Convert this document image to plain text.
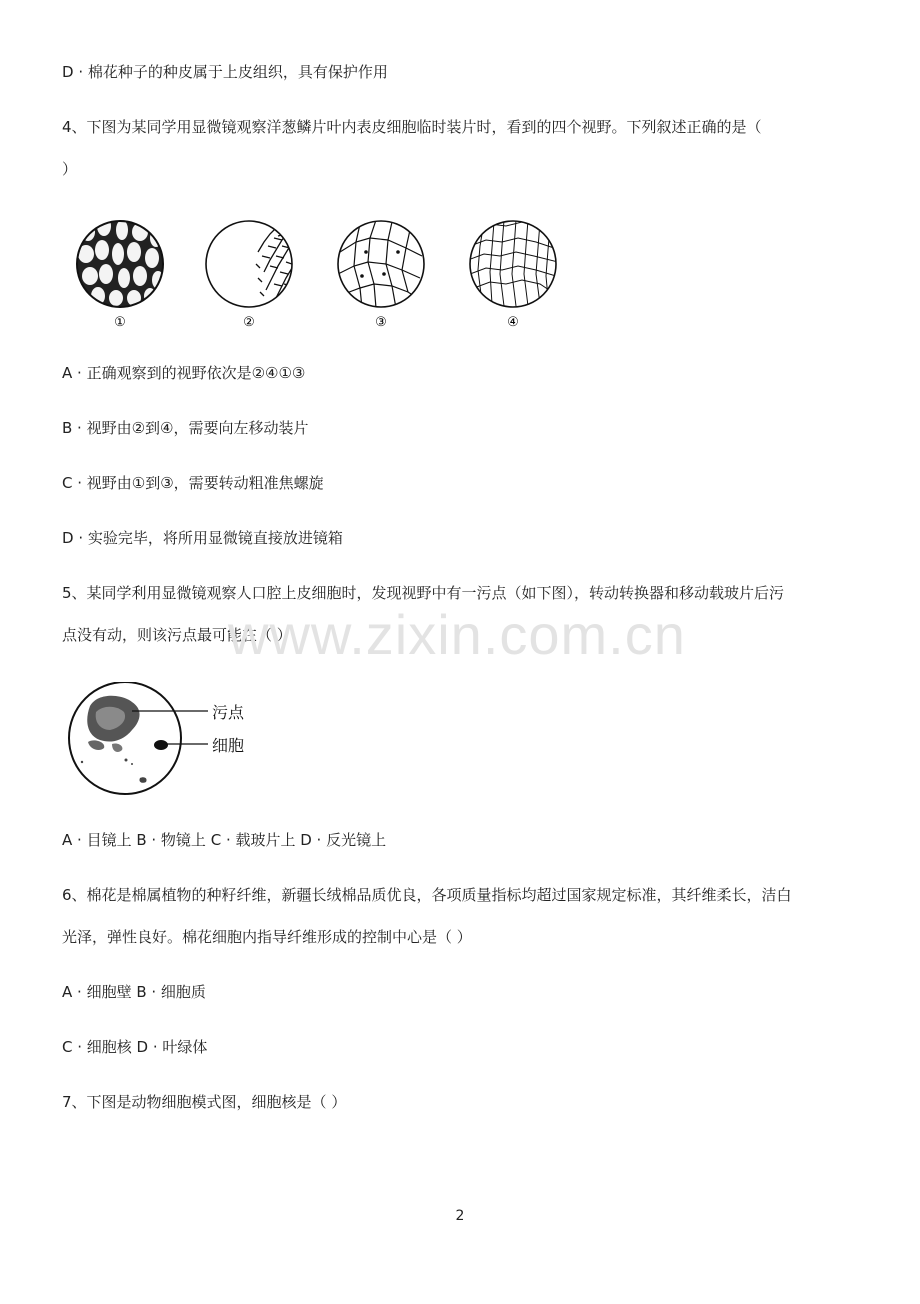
D · 棉花种子的种皮属于上皮组织，具有保护作用
4、下图为某同学用显微镜观察洋葱鳞片叶内表皮细胞临时装片时，看到的四个视野。下列叙述正确的是（
）
①	②	③	④
A · 正确观察到的视野依次是②④①③
B · 视野由②到④，需要向左移动装片
C · 视野由①到③，需要转动粗准焦螺旋
D · 实验完毕，将所用显微镜直接放进镜箱
5、某同学利用显微镜观察人口腔上皮细胞时，发现视野中有一污点（如下图），转动转换器和移动载玻片后污
点没有动，则该污点最可能在（ ）
www.zixin.com.cn
污点
细胞
A · 目镜上 B · 物镜上 C · 载玻片上 D · 反光镜上
6、棉花是棉属植物的种籽纤维，新疆长绒棉品质优良，各项质量指标均超过国家规定标准，其纤维柔长，洁白
光泽，弹性良好。棉花细胞内指导纤维形成的控制中心是（ ）
A · 细胞壁 B · 细胞质
C · 细胞核 D · 叶绿体
7、下图是动物细胞模式图，细胞核是（ ）
2
